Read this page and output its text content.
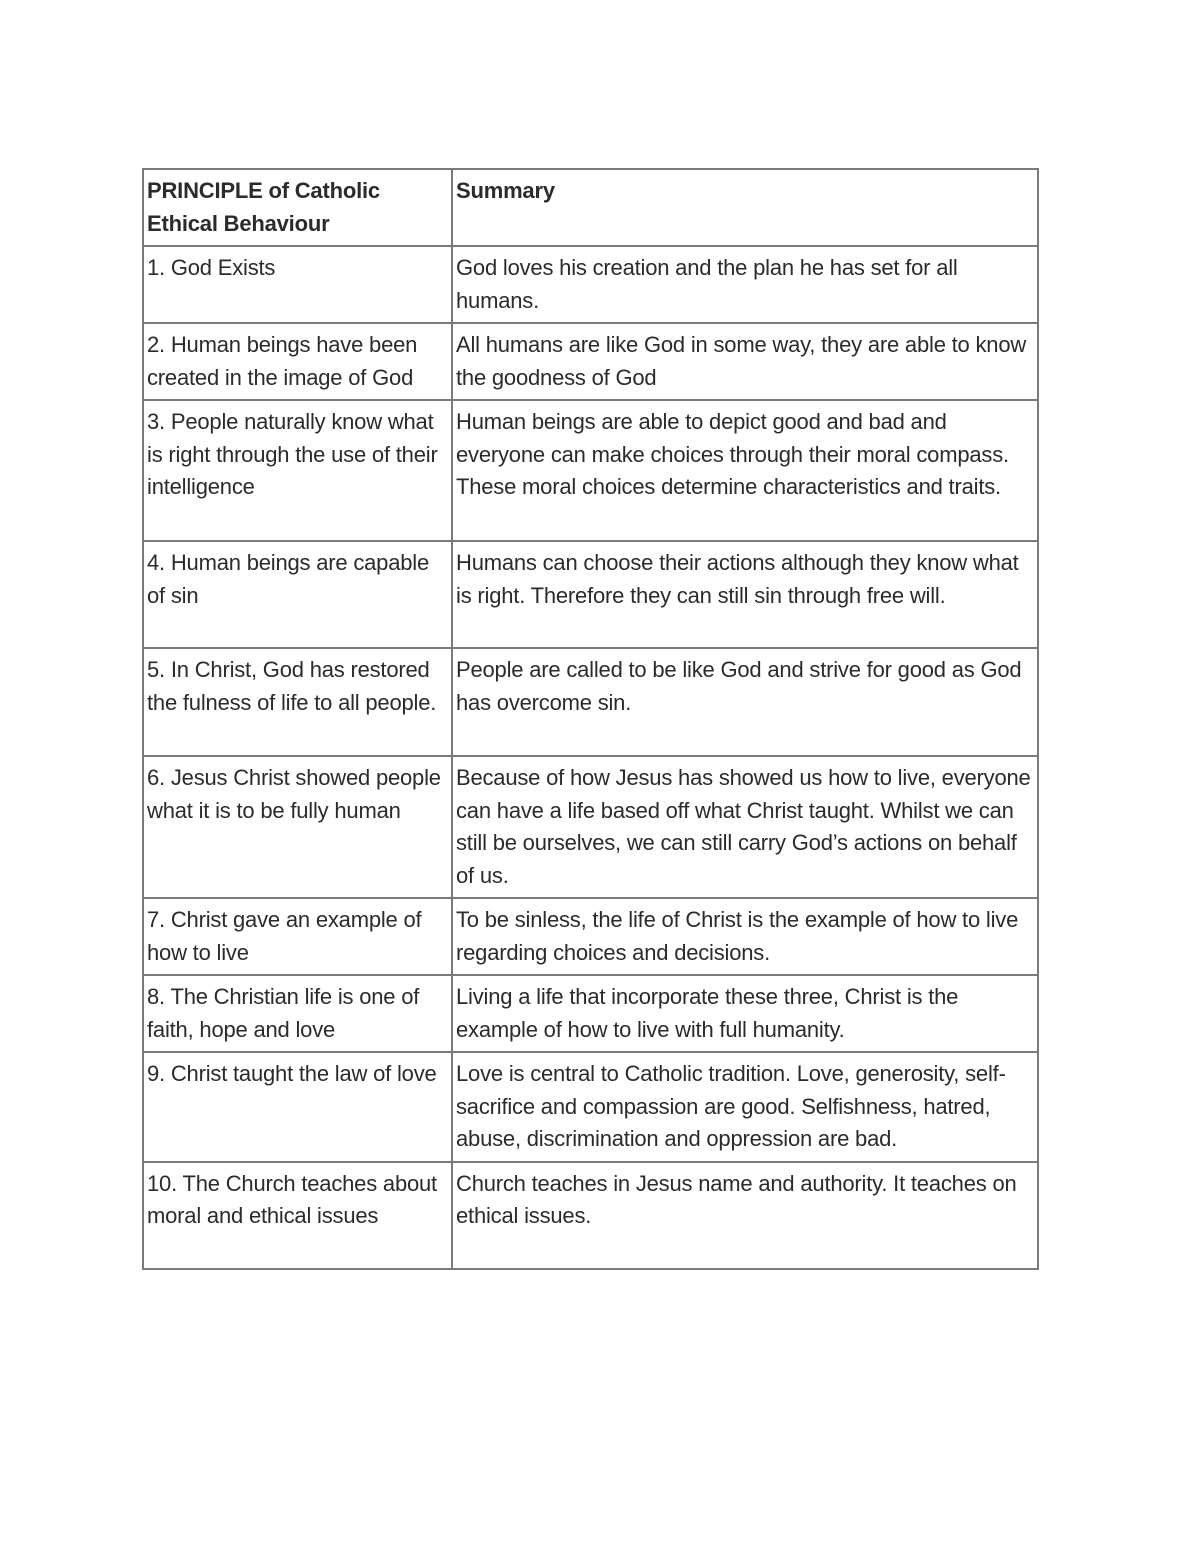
PRINCIPLE of Catholic Ethical Behaviour	Summary
1. God Exists	God loves his creation and the plan he has set for all humans.
2. Human beings have been created in the image of God	All humans are like God in some way, they are able to know the goodness of God
3. People naturally know what is right through the use of their intelligence	Human beings are able to depict good and bad and everyone can make choices through their moral compass. These moral choices determine characteristics and traits.
4. Human beings are capable of sin	Humans can choose their actions although they know what is right. Therefore they can still sin through free will.
5. In Christ, God has restored the fulness of life to all people.	People are called to be like God and strive for good as God has overcome sin.
6. Jesus Christ showed people what it is to be fully human	Because of how Jesus has showed us how to live, everyone can have a life based off what Christ taught. Whilst we can still be ourselves, we can still carry God’s actions on behalf of us.
7. Christ gave an example of how to live	To be sinless, the life of Christ is the example of how to live regarding choices and decisions.
8. The Christian life is one of faith, hope and love	Living a life that incorporate these three, Christ is the example of how to live with full humanity.
9. Christ taught the law of love	Love is central to Catholic tradition. Love, generosity, self-sacrifice and compassion are good. Selfishness, hatred, abuse, discrimination and oppression are bad.
10. The Church teaches about moral and ethical issues	Church teaches in Jesus name and authority. It teaches on ethical issues.
